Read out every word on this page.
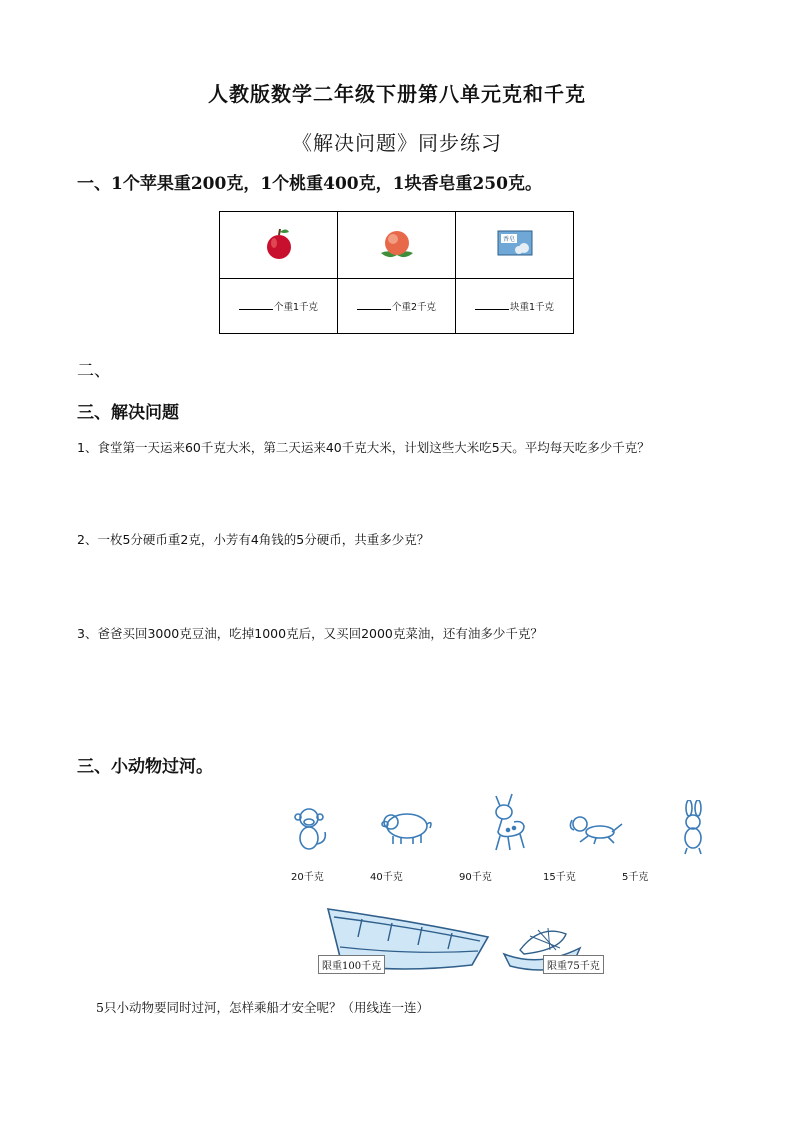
人教版数学二年级下册第八单元克和千克
《解决问题》同步练习
一、1个苹果重200克，1个桃重400克，1块香皂重250克。

香皂

个重1千克	个重2千克	块重1千克
二、
三、解决问题
1、食堂第一天运来60千克大米，第二天运来40千克大米，计划这些大米吃5天。平均每天吃多少千克？
2、一枚5分硬币重2克，小芳有4角钱的5分硬币，共重多少克？
3、爸爸买回3000克豆油，吃掉1000克后，又买回2000克菜油，还有油多少千克？
三、小动物过河。
20千克	40千克	90千克	15千克	5千克
限重100千克	限重75千克
5只小动物要同时过河，怎样乘船才安全呢？（用线连一连）
